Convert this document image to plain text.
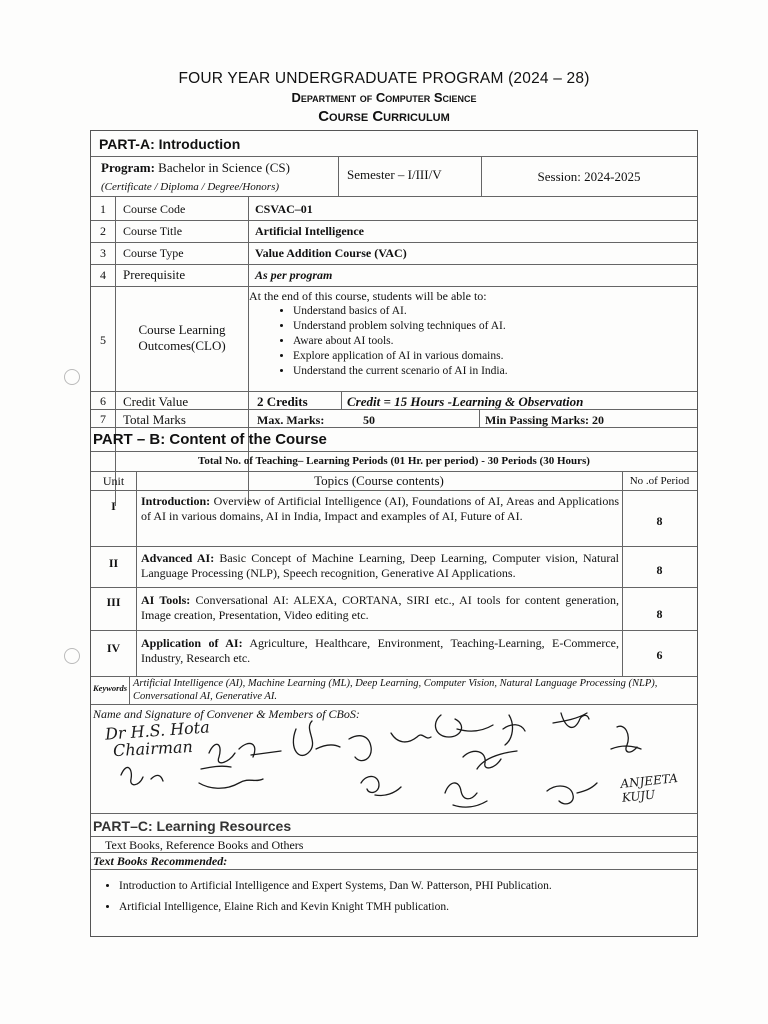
FOUR YEAR UNDERGRADUATE PROGRAM (2024 – 28)
Department of Computer Science
Course Curriculum
PART-A: Introduction
Program: Bachelor in Science (CS)
(Certificate / Diploma / Degree/Honors)
Semester – I/III/V	Session: 2024-2025
1	Course Code	CSVAC–01
2	Course Title	Artificial Intelligence
3	Course Type	Value Addition Course (VAC)
4	Prerequisite	As per program
5
Course Learning Outcomes(CLO)
At the end of this course, students will be able to:
• Understand basics of AI.
• Understand problem solving techniques of AI.
• Aware about AI tools.
• Explore application of AI in various domains.
• Understand the current scenario of AI in India.
6	Credit Value	2 Credits	Credit = 15 Hours -Learning & Observation
7	Total Marks	Max. Marks:	50	Min Passing Marks: 20
PART – B: Content of the Course
Total No. of Teaching– Learning Periods (01 Hr. per period) - 30 Periods (30 Hours)
Unit	Topics (Course contents)	No .of Period
I	Introduction: Overview of Artificial Intelligence (AI), Foundations of AI, Areas and Applications of AI in various domains, AI in India, Impact and examples of AI, Future of AI.	8
II	Advanced AI: Basic Concept of Machine Learning, Deep Learning, Computer vision, Natural Language Processing (NLP), Speech recognition, Generative AI Applications.	8
III	AI Tools: Conversational AI: ALEXA, CORTANA, SIRI etc., AI tools for content generation, Image creation, Presentation, Video editing etc.	8
IV	Application of AI: Agriculture, Healthcare, Environment, Teaching-Learning, E-Commerce, Industry, Research etc.	6
Keywords Artificial Intelligence (AI), Machine Learning (ML), Deep Learning, Computer Vision, Natural Language Processing (NLP), Conversational AI, Generative AI.
Name and Signature of Convener & Members of CBoS:
Dr H.S. Hota
Chairman
ANJEETA KUJU
PART–C: Learning Resources
Text Books, Reference Books and Others
Text Books Recommended:
• Introduction to Artificial Intelligence and Expert Systems, Dan W. Patterson, PHI Publication.
• Artificial Intelligence, Elaine Rich and Kevin Knight TMH publication.
